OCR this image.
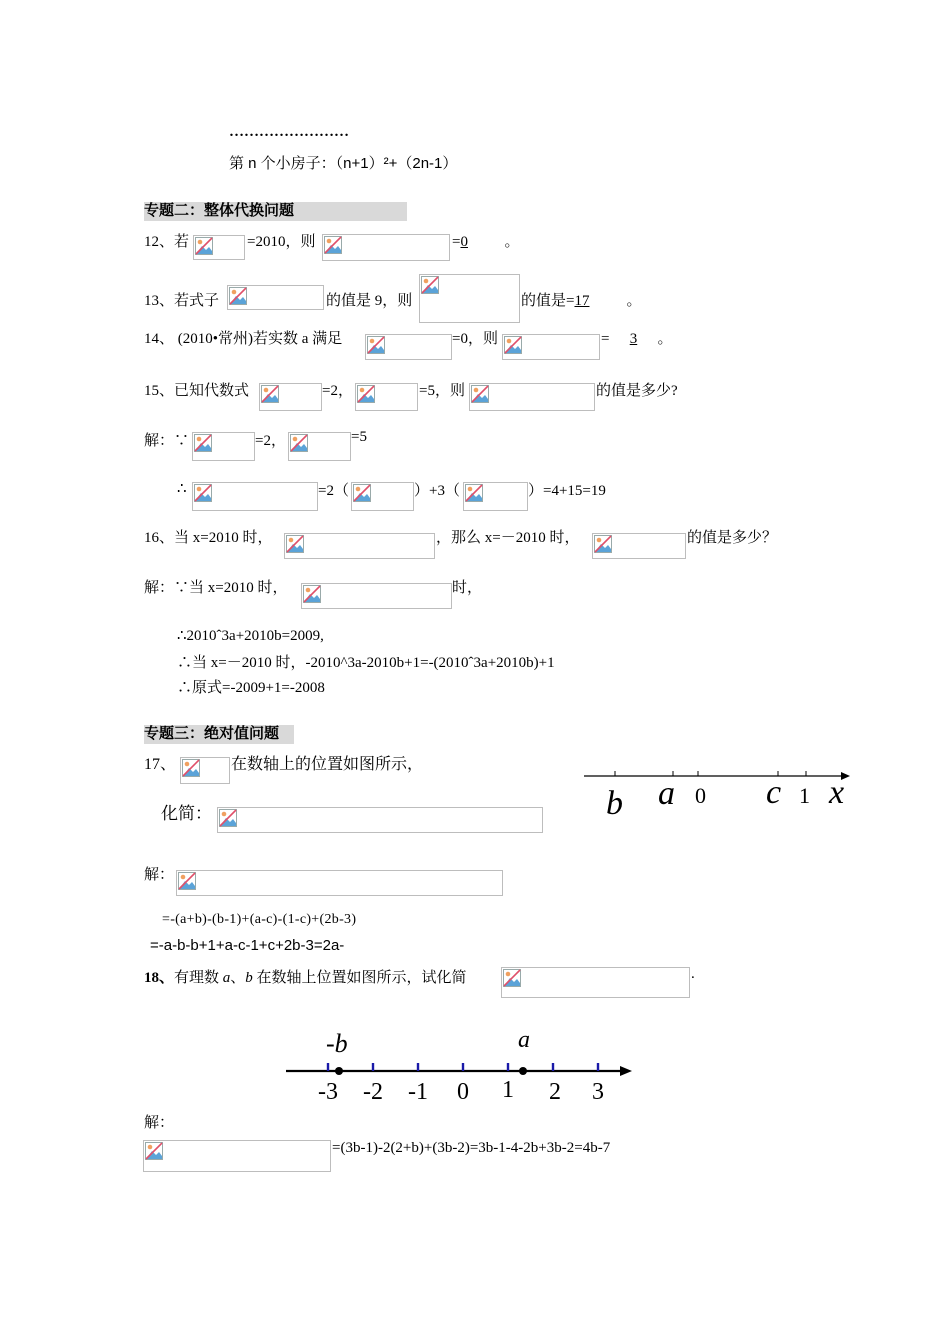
……………………
第 n 个小房子：（n+1）²+（2n-1）
专题二：整体代换问题
12、若	=2010，则	=0。
13、若式子	的值是 9，则	的值是=17。
14、 (2010•常州)若实数 a 满足	=0，则	=3。
15、已知代数式	=2，	=5，则	的值是多少?
解：∵	=2，	=5
∴	=2（	）+3（	）=4+15=19
16、当 x=2010 时，	，那么 x=－2010 时，	的值是多少？
解：∵当 x=2010 时，	时，
∴2010ˆ3a+2010b=2009,
∴当 x=－2010 时，-2010^3a-2010b+1=-(2010ˆ3a+2010b)+1
∴原式=-2009+1=-2008
专题三：绝对值问题
17、	在数轴上的位置如图所示，
化简：	b a 0 c 1 x
解：
=-(a+b)-(b-1)+(a-c)-(1-c)+(2b-3)
=-a-b-b+1+a-c-1+c+2b-3=2a-
18、有理数 a、b 在数轴上位置如图所示，试化简	.
-b	a
-3 -2 -1 0 1 2 3
解：
=(3b-1)-2(2+b)+(3b-2)=3b-1-4-2b+3b-2=4b-7
